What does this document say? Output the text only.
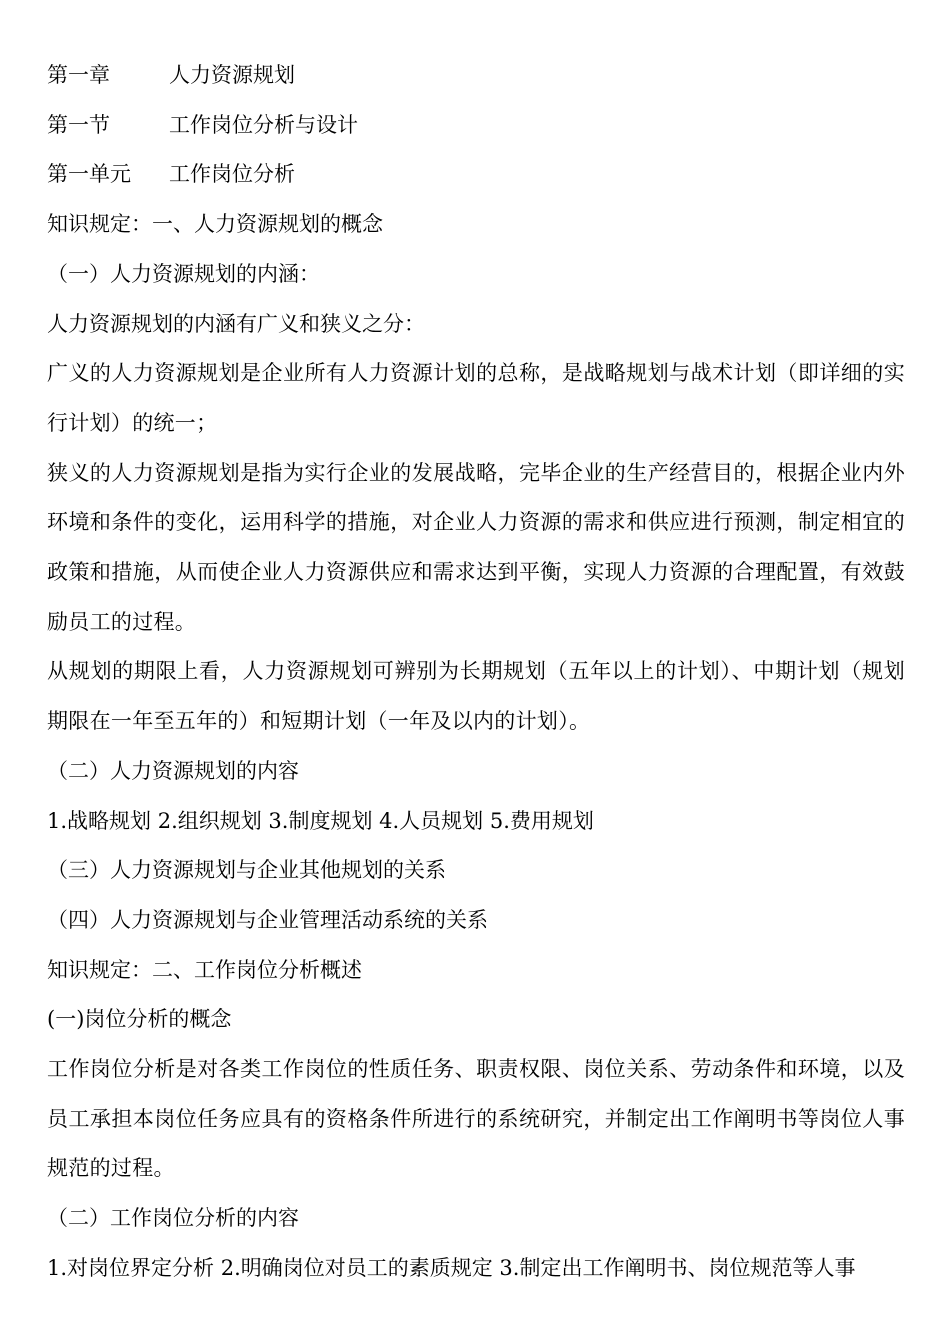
第一章	人力资源规划
第一节	工作岗位分析与设计
第一单元	工作岗位分析

知识规定：一、人力资源规划的概念

（一）人力资源规划的内涵：

人力资源规划的内涵有广义和狭义之分：

广义的人力资源规划是企业所有人力资源计划的总称，是战略规划与战术计划（即详细的实行计划）的统一；

狭义的人力资源规划是指为实行企业的发展战略，完毕企业的生产经营目的，根据企业内外环境和条件的变化，运用科学的措施，对企业人力资源的需求和供应进行预测，制定相宜的政策和措施，从而使企业人力资源供应和需求达到平衡，实现人力资源的合理配置，有效鼓励员工的过程。

从规划的期限上看，人力资源规划可辨别为长期规划（五年以上的计划）、中期计划（规划期限在一年至五年的）和短期计划（一年及以内的计划）。

（二）人力资源规划的内容

1.战略规划 2.组织规划 3.制度规划 4.人员规划 5.费用规划

（三）人力资源规划与企业其他规划的关系

（四）人力资源规划与企业管理活动系统的关系

知识规定：二、工作岗位分析概述

(一)岗位分析的概念

工作岗位分析是对各类工作岗位的性质任务、职责权限、岗位关系、劳动条件和环境，以及员工承担本岗位任务应具有的资格条件所进行的系统研究，并制定出工作阐明书等岗位人事规范的过程。

（二）工作岗位分析的内容

1.对岗位界定分析 2.明确岗位对员工的素质规定 3.制定出工作阐明书、岗位规范等人事
